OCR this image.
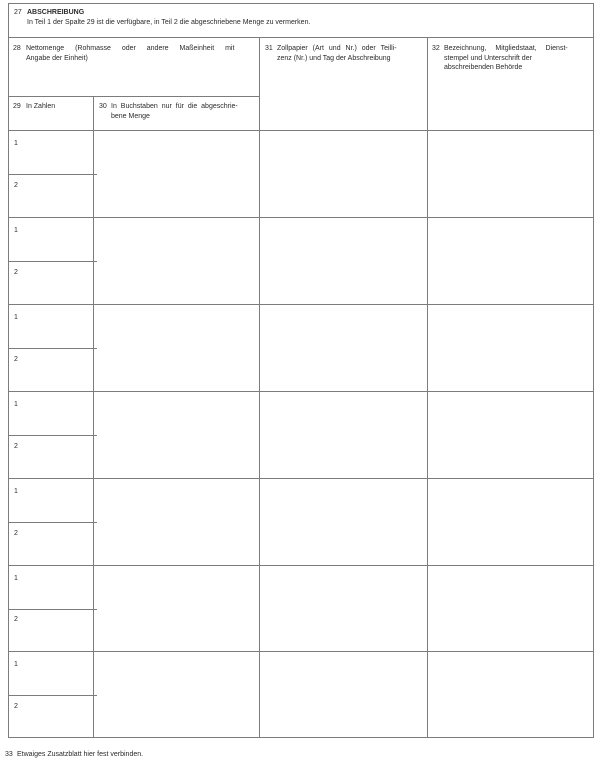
27 ABSCHREIBUNG
In Teil 1 der Spalte 29 ist die verfügbare, in Teil 2 die abgeschriebene Menge zu vermerken.
28 Nettomenge (Rohmasse oder andere Maßeinheit mit
Angabe der Einheit)
31 Zollpapier (Art und Nr.) oder Teilli-
zenz (Nr.) und Tag der Abschreibung
32 Bezeichnung, Mitgliedstaat, Dienst-
stempel und Unterschrift der
abschreibenden Behörde
29 In Zahlen	30 In Buchstaben nur für die abgeschrie-
bene Menge
1
2
1
2
1
2
1
2
1
2
1
2
1
2
33 Etwaiges Zusatzblatt hier fest verbinden.
